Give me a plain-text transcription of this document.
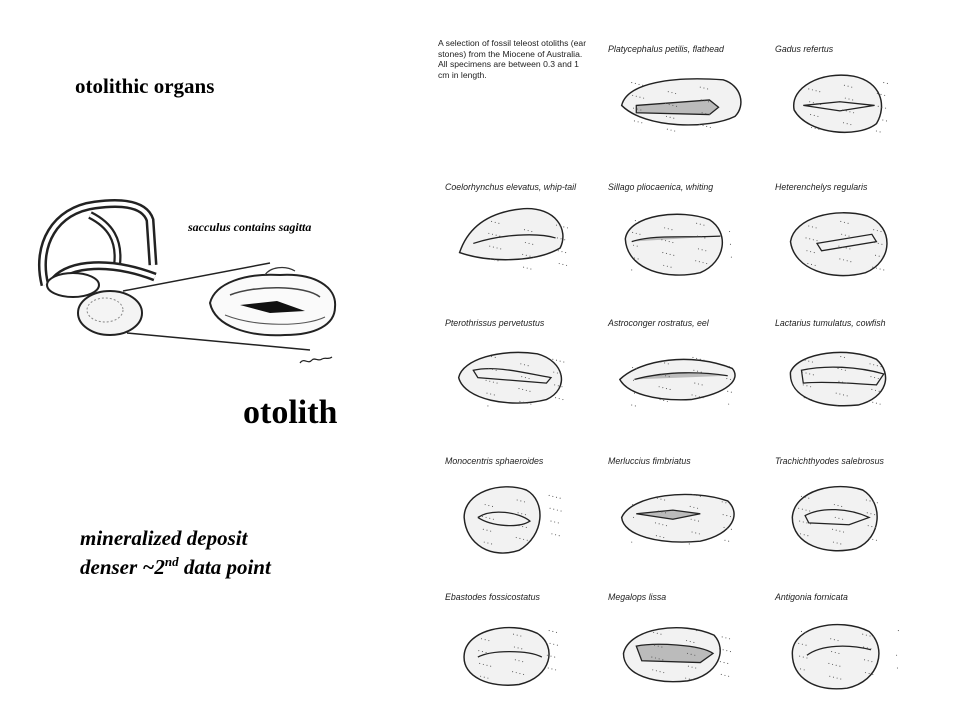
otolithic organs
sacculus contains sagitta
otolith
mineralized deposit
denser ~2nd data point
A selection of fossil teleost otoliths (ear stones) from the Miocene of Australia. All specimens are between 0.3 and 1 cm in length.
Platycephalus petilis, flathead	Gadus refertus
Coelorhynchus elevatus, whip-tail	Sillago pliocaenica, whiting	Heterenchelys regularis
Pterothrissus pervetustus	Astroconger rostratus, eel	Lactarius tumulatus, cowfish
Monocentris sphaeroides	Merluccius fimbriatus	Trachichthyodes salebrosus
Ebastodes fossicostatus	Megalops lissa	Antigonia fornicata
